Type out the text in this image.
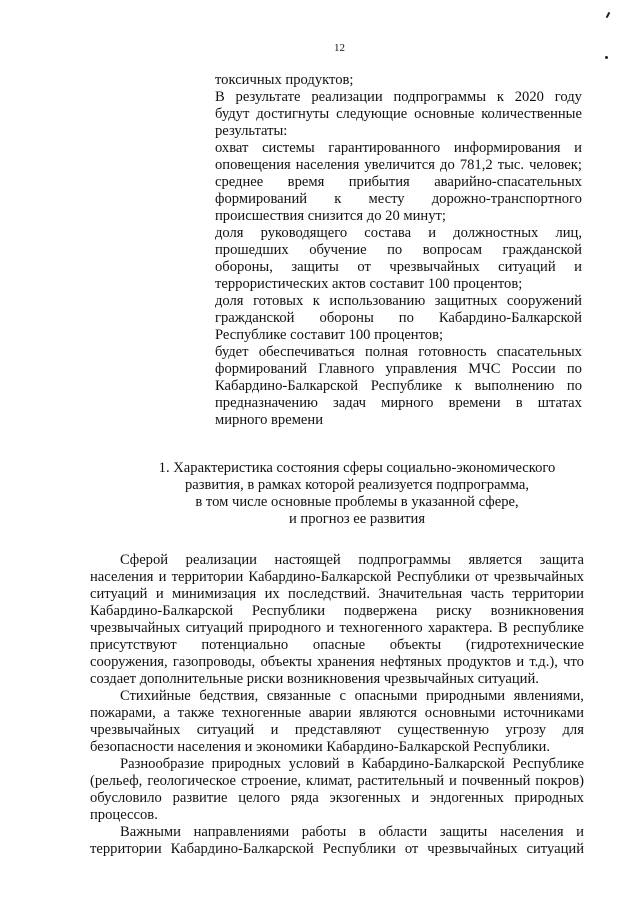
12
токсичных продуктов;
В результате реализации подпрограммы к 2020 году
будут достигнуты следующие основные количественные
результаты:
охват системы гарантированного информирования и
оповещения населения увеличится до 781,2 тыс. человек;
среднее время прибытия аварийно-спасательных
формирований к месту дорожно-транспортного
происшествия снизится до 20 минут;
доля руководящего состава и должностных лиц,
прошедших обучение по вопросам гражданской
обороны, защиты от чрезвычайных ситуаций и
террористических актов составит 100 процентов;
доля готовых к использованию защитных сооружений
гражданской обороны по Кабардино-Балкарской
Республике составит 100 процентов;
будет обеспечиваться полная готовность спасательных
формирований Главного управления МЧС России по
Кабардино-Балкарской Республике к выполнению по
предназначению задач мирного времени в штатах
мирного времени
1. Характеристика состояния сферы социально-экономического
развития, в рамках которой реализуется подпрограмма,
в том числе основные проблемы в указанной сфере,
и прогноз ее развития
Сферой реализации настоящей подпрограммы является защита
населения и территории Кабардино-Балкарской Республики от чрезвычайных
ситуаций и минимизация их последствий. Значительная часть территории
Кабардино-Балкарской Республики подвержена риску возникновения
чрезвычайных ситуаций природного и техногенного характера. В республике
присутствуют потенциально опасные объекты (гидротехнические
сооружения, газопроводы, объекты хранения нефтяных продуктов и т.д.), что
создает дополнительные риски возникновения чрезвычайных ситуаций.
Стихийные бедствия, связанные с опасными природными явлениями,
пожарами, а также техногенные аварии являются основными источниками
чрезвычайных ситуаций и представляют существенную угрозу для
безопасности населения и экономики Кабардино-Балкарской Республики.
Разнообразие природных условий в Кабардино-Балкарской Республике
(рельеф, геологическое строение, климат, растительный и почвенный покров)
обусловило развитие целого ряда экзогенных и эндогенных природных
процессов.
Важными направлениями работы в области защиты населения и
территории Кабардино-Балкарской Республики от чрезвычайных ситуаций
